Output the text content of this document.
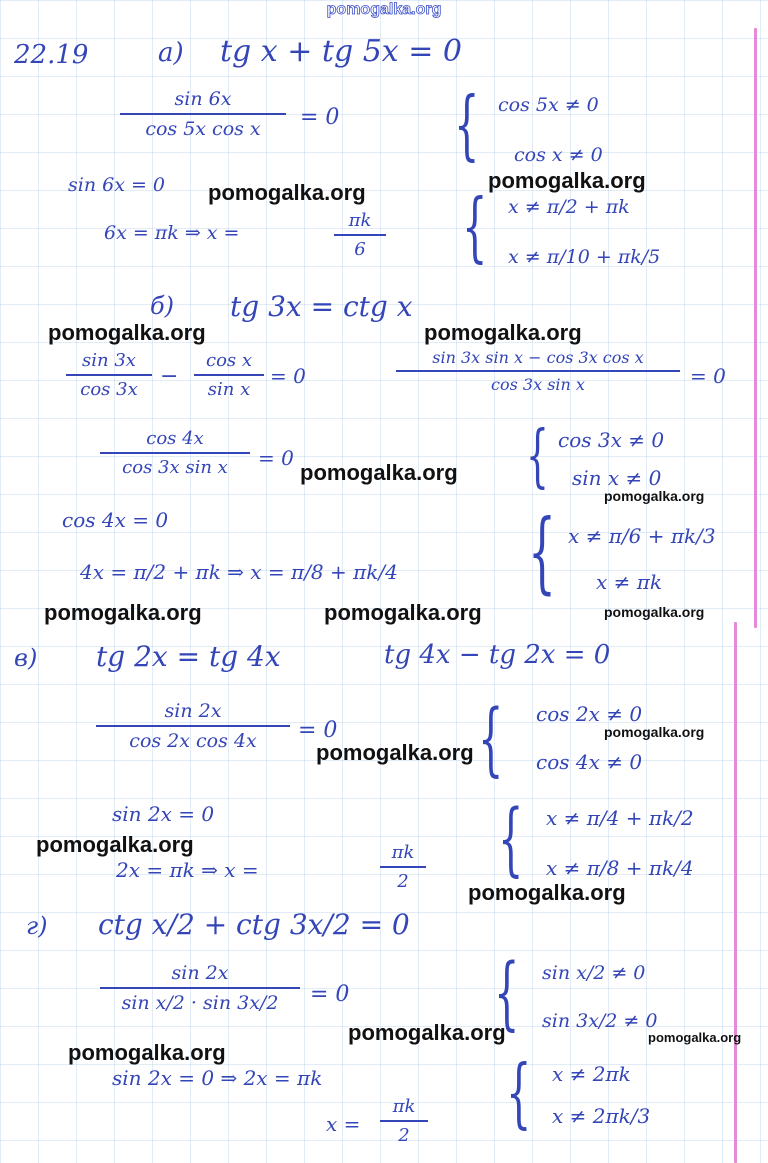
pomogalka.org
22.19	а) tg x + tg 5x = 0
sin 6x
cos 5x cos x	= 0
sin 6x = 0
6x = πk ⇒ x =
πk
6
{ cos 5x ≠ 0
cos x ≠ 0
{ x ≠ π/2 + πk
x ≠ π/10 + πk/5
б) tg 3x = ctg x
sin 3x
cos 3x
−
cos x
sin x
= 0
sin 3x sin x − cos 3x cos x
cos 3x sin x	= 0
cos 4x
cos 3x sin x	= 0	{ cos 3x ≠ 0
sin x ≠ 0
cos 4x = 0
4x = π/2 + πk ⇒ x = π/8 + πk/4	{ x ≠ π/6 + πk/3
x ≠ πk
в) tg 2x = tg 4x	tg 4x − tg 2x = 0
sin 2x
cos 2x cos 4x	= 0	{ cos 2x ≠ 0
cos 4x ≠ 0
sin 2x = 0
2x = πk ⇒ x =
πk
2	{ x ≠ π/4 + πk/2
x ≠ π/8 + πk/4
г) ctg x/2 + ctg 3x/2 = 0
sin 2x
sin x/2 · sin 3x/2	= 0	{ sin x/2 ≠ 0
sin 3x/2 ≠ 0
sin 2x = 0 ⇒ 2x = πk
x =
πk
2	{ x ≠ 2πk
x ≠ 2πk/3
pomogalka.org	pomogalka.org
pomogalka.org	pomogalka.org
pomogalka.org
pomogalka.org
pomogalka.org	pomogalka.org	pomogalka.org
pomogalka.org
pomogalka.org
pomogalka.org
pomogalka.org
pomogalka.org	pomogalka.org
pomogalka.org
